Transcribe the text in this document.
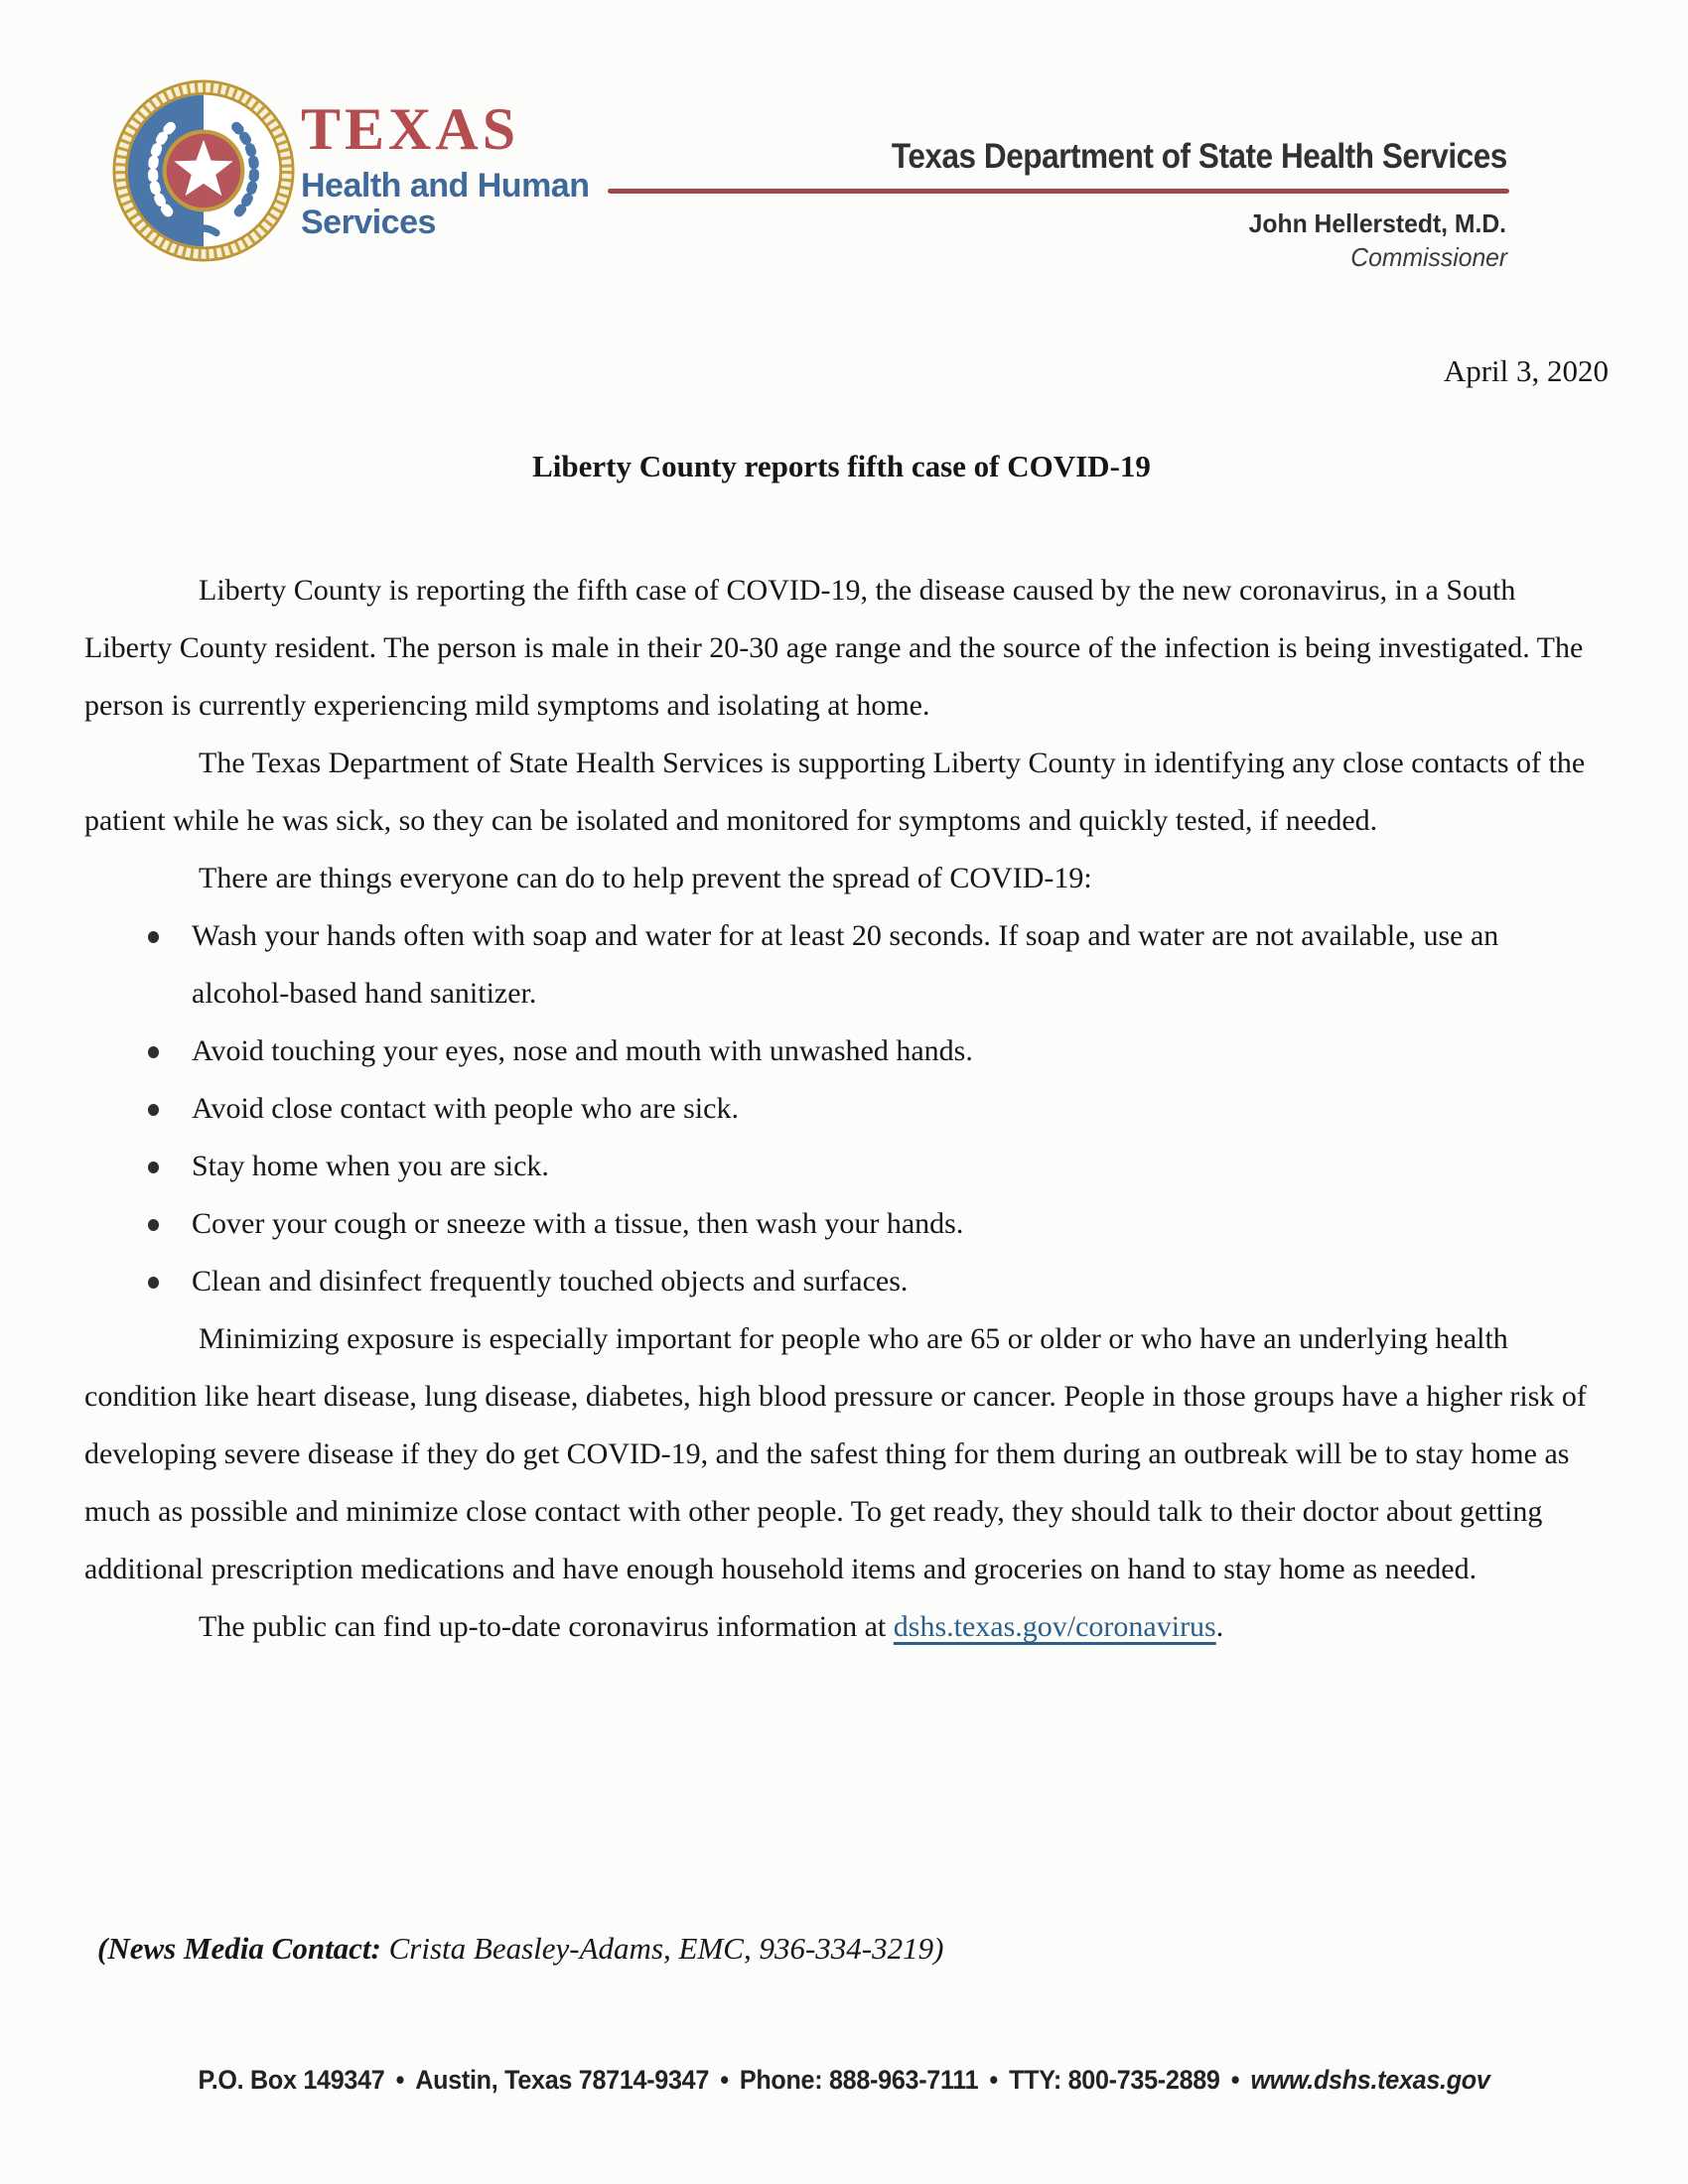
TEXAS
Health and Human
Services
Texas Department of State Health Services
John Hellerstedt, M.D.
Commissioner
April 3, 2020
Liberty County reports fifth case of COVID-19

Liberty County is reporting the fifth case of COVID-19, the disease caused by the new coronavirus, in a South Liberty County resident. The person is male in their 20-30 age range and the source of the infection is being investigated. The person is currently experiencing mild symptoms and isolating at home.

The Texas Department of State Health Services is supporting Liberty County in identifying any close contacts of the patient while he was sick, so they can be isolated and monitored for symptoms and quickly tested, if needed.

There are things everyone can do to help prevent the spread of COVID-19:

Wash your hands often with soap and water for at least 20 seconds. If soap and water are not available, use an alcohol-based hand sanitizer.
Avoid touching your eyes, nose and mouth with unwashed hands.
Avoid close contact with people who are sick.
Stay home when you are sick.
Cover your cough or sneeze with a tissue, then wash your hands.
Clean and disinfect frequently touched objects and surfaces.

Minimizing exposure is especially important for people who are 65 or older or who have an underlying health condition like heart disease, lung disease, diabetes, high blood pressure or cancer. People in those groups have a higher risk of developing severe disease if they do get COVID-19, and the safest thing for them during an outbreak will be to stay home as much as possible and minimize close contact with other people. To get ready, they should talk to their doctor about getting additional prescription medications and have enough household items and groceries on hand to stay home as needed.

The public can find up-to-date coronavirus information at dshs.texas.gov/coronavirus.

(News Media Contact: Crista Beasley-Adams, EMC, 936-334-3219)
P.O. Box 149347 • Austin, Texas 78714-9347 • Phone: 888-963-7111 • TTY: 800-735-2889 • www.dshs.texas.gov
